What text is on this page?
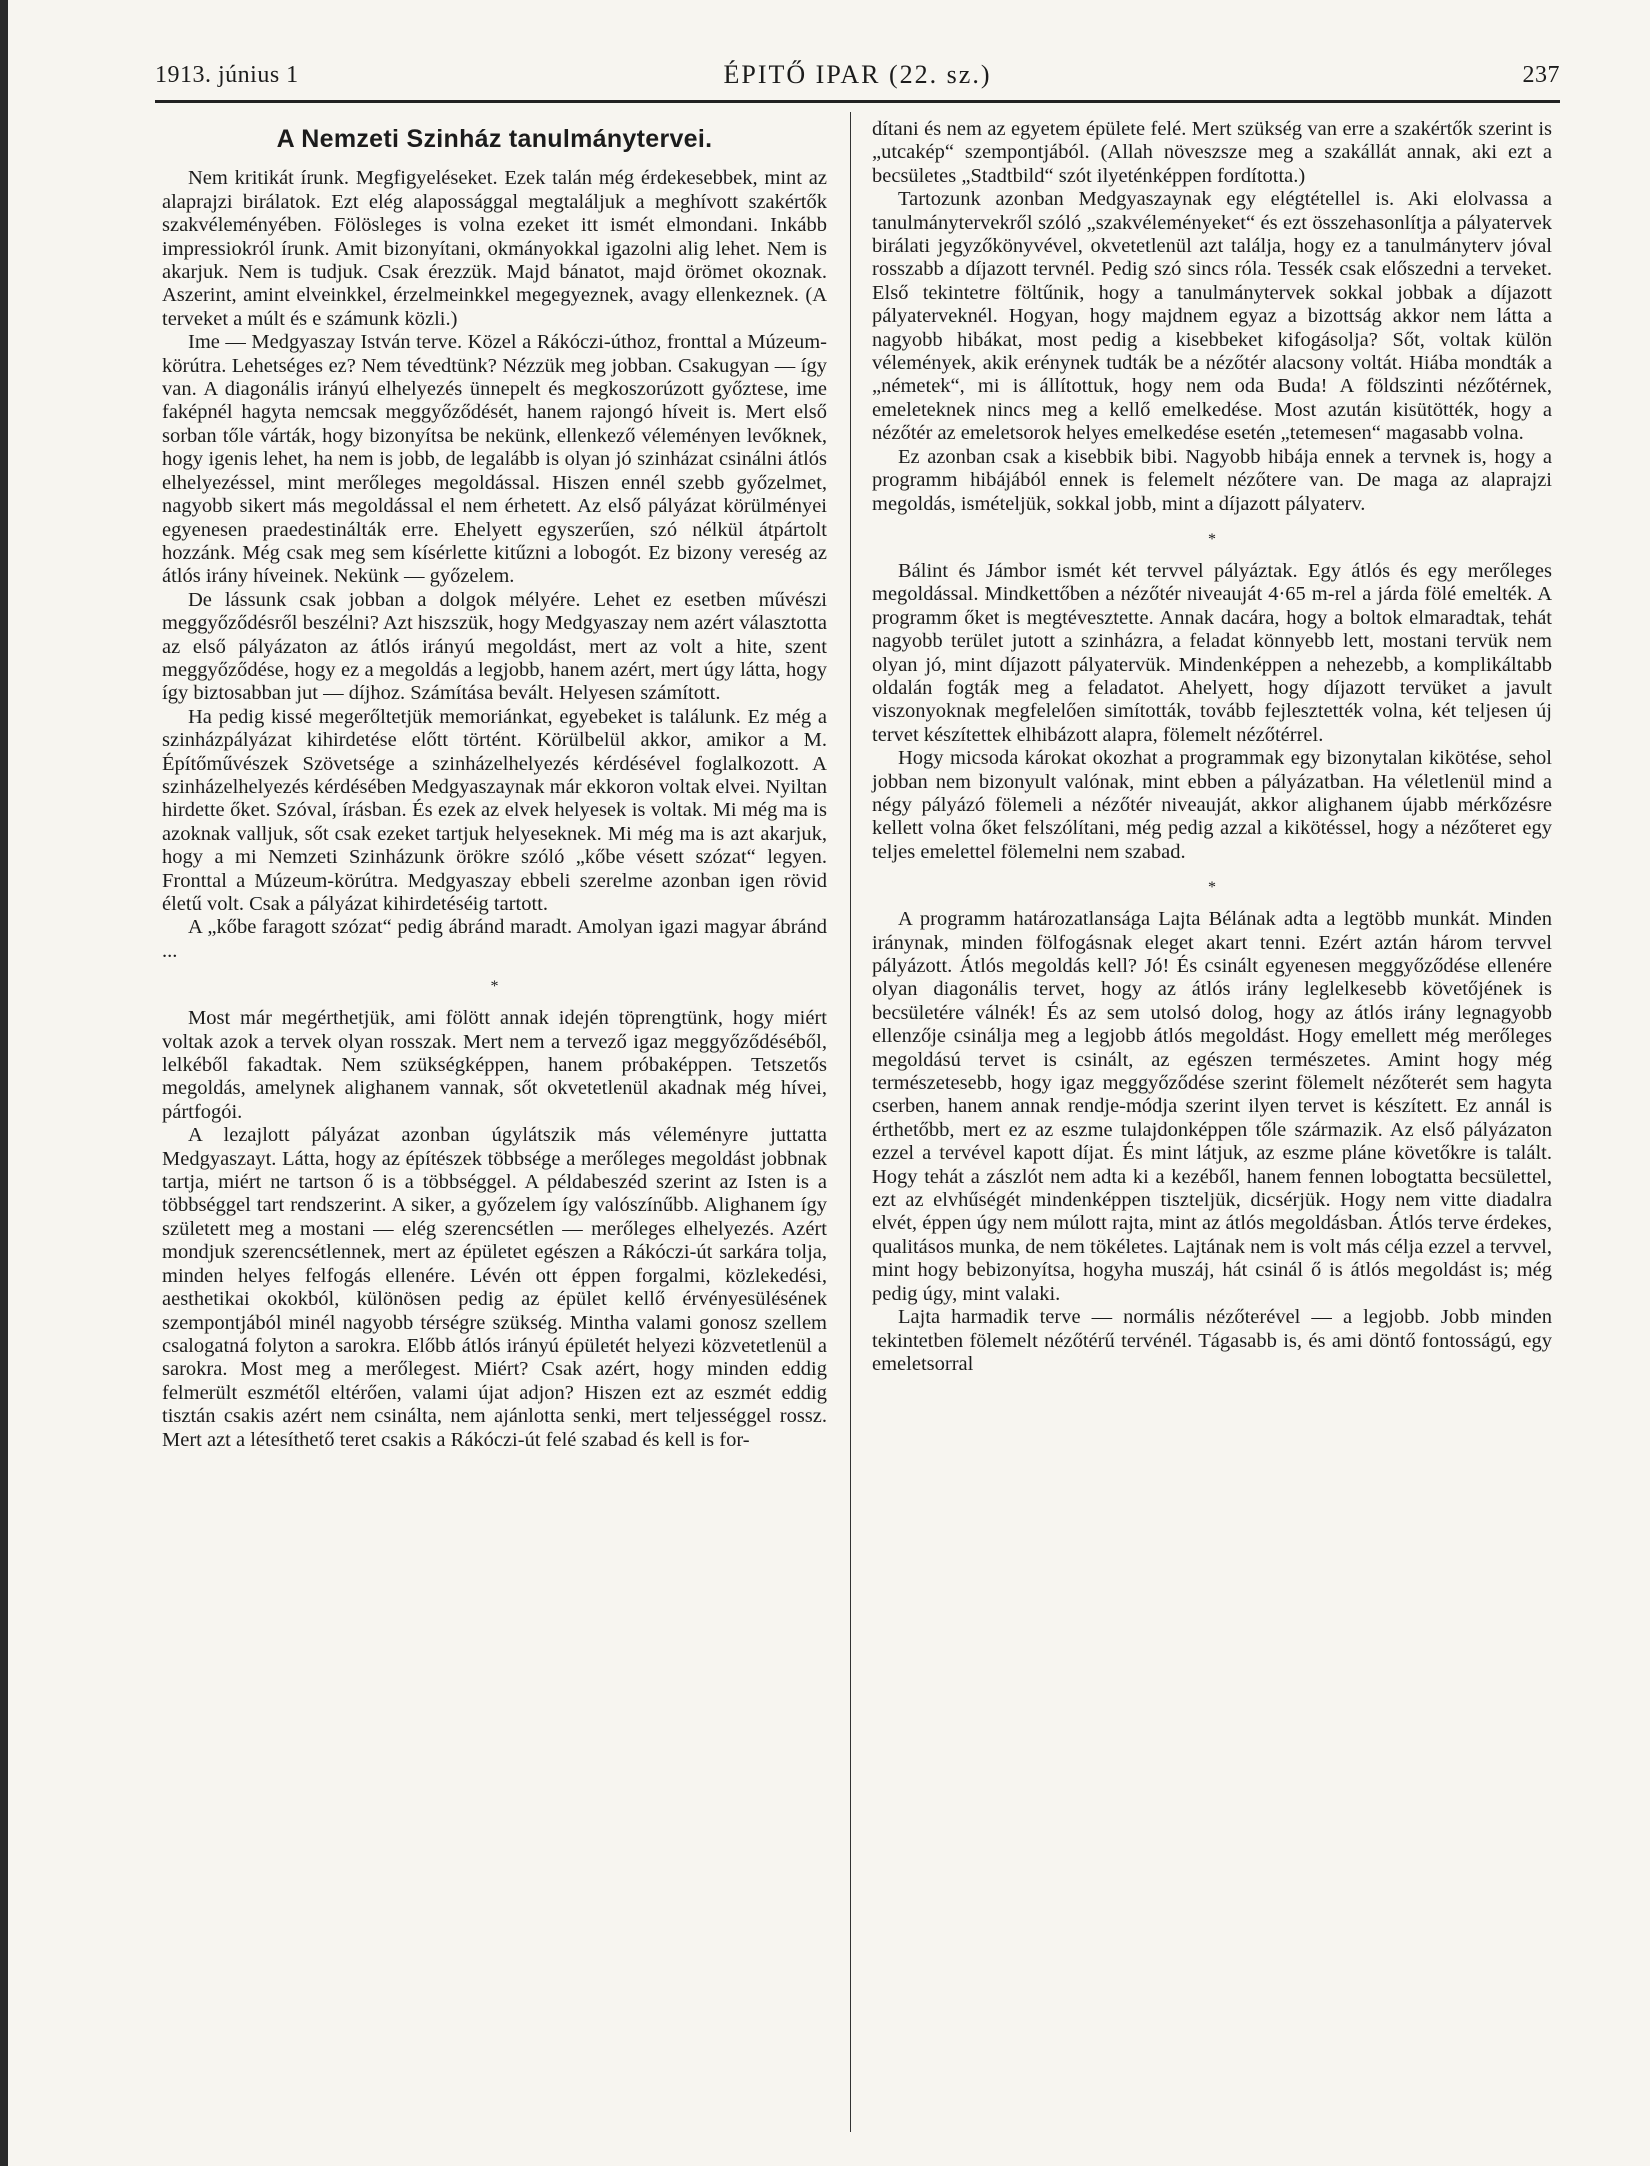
1913. június 1	ÉPITŐ IPAR (22. sz.)	237
A Nemzeti Szinház tanulmánytervei.

Nem kritikát írunk. Megfigyeléseket. Ezek talán még érdekesebbek, mint az alaprajzi birálatok. Ezt elég alapossággal megtaláljuk a meghívott szakértők szakvéleményében. Fölösleges is volna ezeket itt ismét elmondani. Inkább impressiokról írunk. Amit bizonyítani, okmányokkal igazolni alig lehet. Nem is akarjuk. Nem is tudjuk. Csak érezzük. Majd bánatot, majd örömet okoznak. Aszerint, amint elveinkkel, érzelmeinkkel megegyeznek, avagy ellenkeznek. (A terveket a múlt és e számunk közli.)

Ime — Medgyaszay István terve. Közel a Rákóczi-úthoz, fronttal a Múzeum-körútra. Lehetséges ez? Nem tévedtünk? Nézzük meg jobban. Csakugyan — így van. A diagonális irányú elhelyezés ünnepelt és megkoszorúzott győztese, ime faképnél hagyta nemcsak meggyőződését, hanem rajongó híveit is. Mert első sorban tőle várták, hogy bizonyítsa be nekünk, ellenkező véleményen levőknek, hogy igenis lehet, ha nem is jobb, de legalább is olyan jó szinházat csinálni átlós elhelyezéssel, mint merőleges megoldással. Hiszen ennél szebb győzelmet, nagyobb sikert más megoldással el nem érhetett. Az első pályázat körülményei egyenesen praedestinálták erre. Ehelyett egyszerűen, szó nélkül átpártolt hozzánk. Még csak meg sem kísérlette kitűzni a lobogót. Ez bizony vereség az átlós irány híveinek. Nekünk — győzelem.

De lássunk csak jobban a dolgok mélyére. Lehet ez esetben művészi meggyőződésről beszélni? Azt hiszszük, hogy Medgyaszay nem azért választotta az első pályázaton az átlós irányú megoldást, mert az volt a hite, szent meggyőződése, hogy ez a megoldás a legjobb, hanem azért, mert úgy látta, hogy így biztosabban jut — díjhoz. Számítása bevált. Helyesen számított.

Ha pedig kissé megerőltetjük memoriánkat, egyebeket is találunk. Ez még a szinházpályázat kihirdetése előtt történt. Körülbelül akkor, amikor a M. Építőművészek Szövetsége a szinházelhelyezés kérdésével foglalkozott. A szinházelhelyezés kérdésében Medgyaszaynak már ekkoron voltak elvei. Nyiltan hirdette őket. Szóval, írásban. És ezek az elvek helyesek is voltak. Mi még ma is azoknak valljuk, sőt csak ezeket tartjuk helyeseknek. Mi még ma is azt akarjuk, hogy a mi Nemzeti Szinházunk örökre szóló „kőbe vésett szózat“ legyen. Fronttal a Múzeum-körútra. Medgyaszay ebbeli szerelme azonban igen rövid életű volt. Csak a pályázat kihirdetéséig tartott.

A „kőbe faragott szózat“ pedig ábránd maradt. Amolyan igazi magyar ábránd ...

*

Most már megérthetjük, ami fölött annak idején töprengtünk, hogy miért voltak azok a tervek olyan rosszak. Mert nem a tervező igaz meggyőződéséből, lelkéből fakadtak. Nem szükségképpen, hanem próbaképpen. Tetszetős megoldás, amelynek alighanem vannak, sőt okvetetlenül akadnak még hívei, pártfogói.

A lezajlott pályázat azonban úgylátszik más véleményre juttatta Medgyaszayt. Látta, hogy az építészek többsége a merőleges megoldást jobbnak tartja, miért ne tartson ő is a többséggel. A példabeszéd szerint az Isten is a többséggel tart rendszerint. A siker, a győzelem így valószínűbb. Alighanem így született meg a mostani — elég szerencsétlen — merőleges elhelyezés. Azért mondjuk szerencsétlennek, mert az épületet egészen a Rákóczi-út sarkára tolja, minden helyes felfogás ellenére. Lévén ott éppen forgalmi, közlekedési, aesthetikai okokból, különösen pedig az épület kellő érvényesülésének szempontjából minél nagyobb térségre szükség. Mintha valami gonosz szellem csalogatná folyton a sarokra. Előbb átlós irányú épületét helyezi közvetetlenül a sarokra. Most meg a merőlegest. Miért? Csak azért, hogy minden eddig felmerült eszmétől eltérően, valami újat adjon? Hiszen ezt az eszmét eddig tisztán csakis azért nem csinálta, nem ajánlotta senki, mert teljességgel rossz. Mert azt a létesíthető teret csakis a Rákóczi-út felé szabad és kell is for-

dítani és nem az egyetem épülete felé. Mert szükség van erre a szakértők szerint is „utcakép“ szempontjából. (Allah növeszsze meg a szakállát annak, aki ezt a becsületes „Stadtbild“ szót ilyeténképpen fordította.)

Tartozunk azonban Medgyaszaynak egy elégtétellel is. Aki elolvassa a tanulmánytervekről szóló „szakvéleményeket“ és ezt összehasonlítja a pályatervek birálati jegyzőkönyvével, okvetetlenül azt találja, hogy ez a tanulmányterv jóval rosszabb a díjazott tervnél. Pedig szó sincs róla. Tessék csak előszedni a terveket. Első tekintetre föltűnik, hogy a tanulmánytervek sokkal jobbak a díjazott pályaterveknél. Hogyan, hogy majdnem egyaz a bizottság akkor nem látta a nagyobb hibákat, most pedig a kisebbeket kifogásolja? Sőt, voltak külön vélemények, akik erénynek tudták be a nézőtér alacsony voltát. Hiába mondták a „németek“, mi is állítottuk, hogy nem oda Buda! A földszinti nézőtérnek, emeleteknek nincs meg a kellő emelkedése. Most azután kisütötték, hogy a nézőtér az emeletsorok helyes emelkedése esetén „tetemesen“ magasabb volna.

Ez azonban csak a kisebbik bibi. Nagyobb hibája ennek a tervnek is, hogy a programm hibájából ennek is felemelt nézőtere van. De maga az alaprajzi megoldás, ismételjük, sokkal jobb, mint a díjazott pályaterv.

*

Bálint és Jámbor ismét két tervvel pályáztak. Egy átlós és egy merőleges megoldással. Mindkettőben a nézőtér niveauját 4·65 m-rel a járda fölé emelték. A programm őket is megtévesztette. Annak dacára, hogy a boltok elmaradtak, tehát nagyobb terület jutott a szinházra, a feladat könnyebb lett, mostani tervük nem olyan jó, mint díjazott pályatervük. Mindenképpen a nehezebb, a komplikáltabb oldalán fogták meg a feladatot. Ahelyett, hogy díjazott tervüket a javult viszonyoknak megfelelően simították, tovább fejlesztették volna, két teljesen új tervet készítettek elhibázott alapra, fölemelt nézőtérrel.

Hogy micsoda károkat okozhat a programmak egy bizonytalan kikötése, sehol jobban nem bizonyult valónak, mint ebben a pályázatban. Ha véletlenül mind a négy pályázó fölemeli a nézőtér niveauját, akkor alighanem újabb mérkőzésre kellett volna őket felszólítani, még pedig azzal a kikötéssel, hogy a nézőteret egy teljes emelettel fölemelni nem szabad.

*

A programm határozatlansága Lajta Bélának adta a legtöbb munkát. Minden iránynak, minden fölfogásnak eleget akart tenni. Ezért aztán három tervvel pályázott. Átlós megoldás kell? Jó! És csinált egyenesen meggyőződése ellenére olyan diagonális tervet, hogy az átlós irány leglelkesebb követőjének is becsületére válnék! És az sem utolsó dolog, hogy az átlós irány legnagyobb ellenzője csinálja meg a legjobb átlós megoldást. Hogy emellett még merőleges megoldású tervet is csinált, az egészen természetes. Amint hogy még természetesebb, hogy igaz meggyőződése szerint fölemelt nézőterét sem hagyta cserben, hanem annak rendje-módja szerint ilyen tervet is készített. Ez annál is érthetőbb, mert ez az eszme tulajdonképpen tőle származik. Az első pályázaton ezzel a tervével kapott díjat. És mint látjuk, az eszme pláne követőkre is talált. Hogy tehát a zászlót nem adta ki a kezéből, hanem fennen lobogtatta becsülettel, ezt az elvhűségét mindenképpen tiszteljük, dicsérjük. Hogy nem vitte diadalra elvét, éppen úgy nem múlott rajta, mint az átlós megoldásban. Átlós terve érdekes, qualitásos munka, de nem tökéletes. Lajtának nem is volt más célja ezzel a tervvel, mint hogy bebizonyítsa, hogyha muszáj, hát csinál ő is átlós megoldást is; még pedig úgy, mint valaki.

Lajta harmadik terve — normális nézőterével — a legjobb. Jobb minden tekintetben fölemelt nézőtérű tervénél. Tágasabb is, és ami döntő fontosságú, egy emeletsorral
